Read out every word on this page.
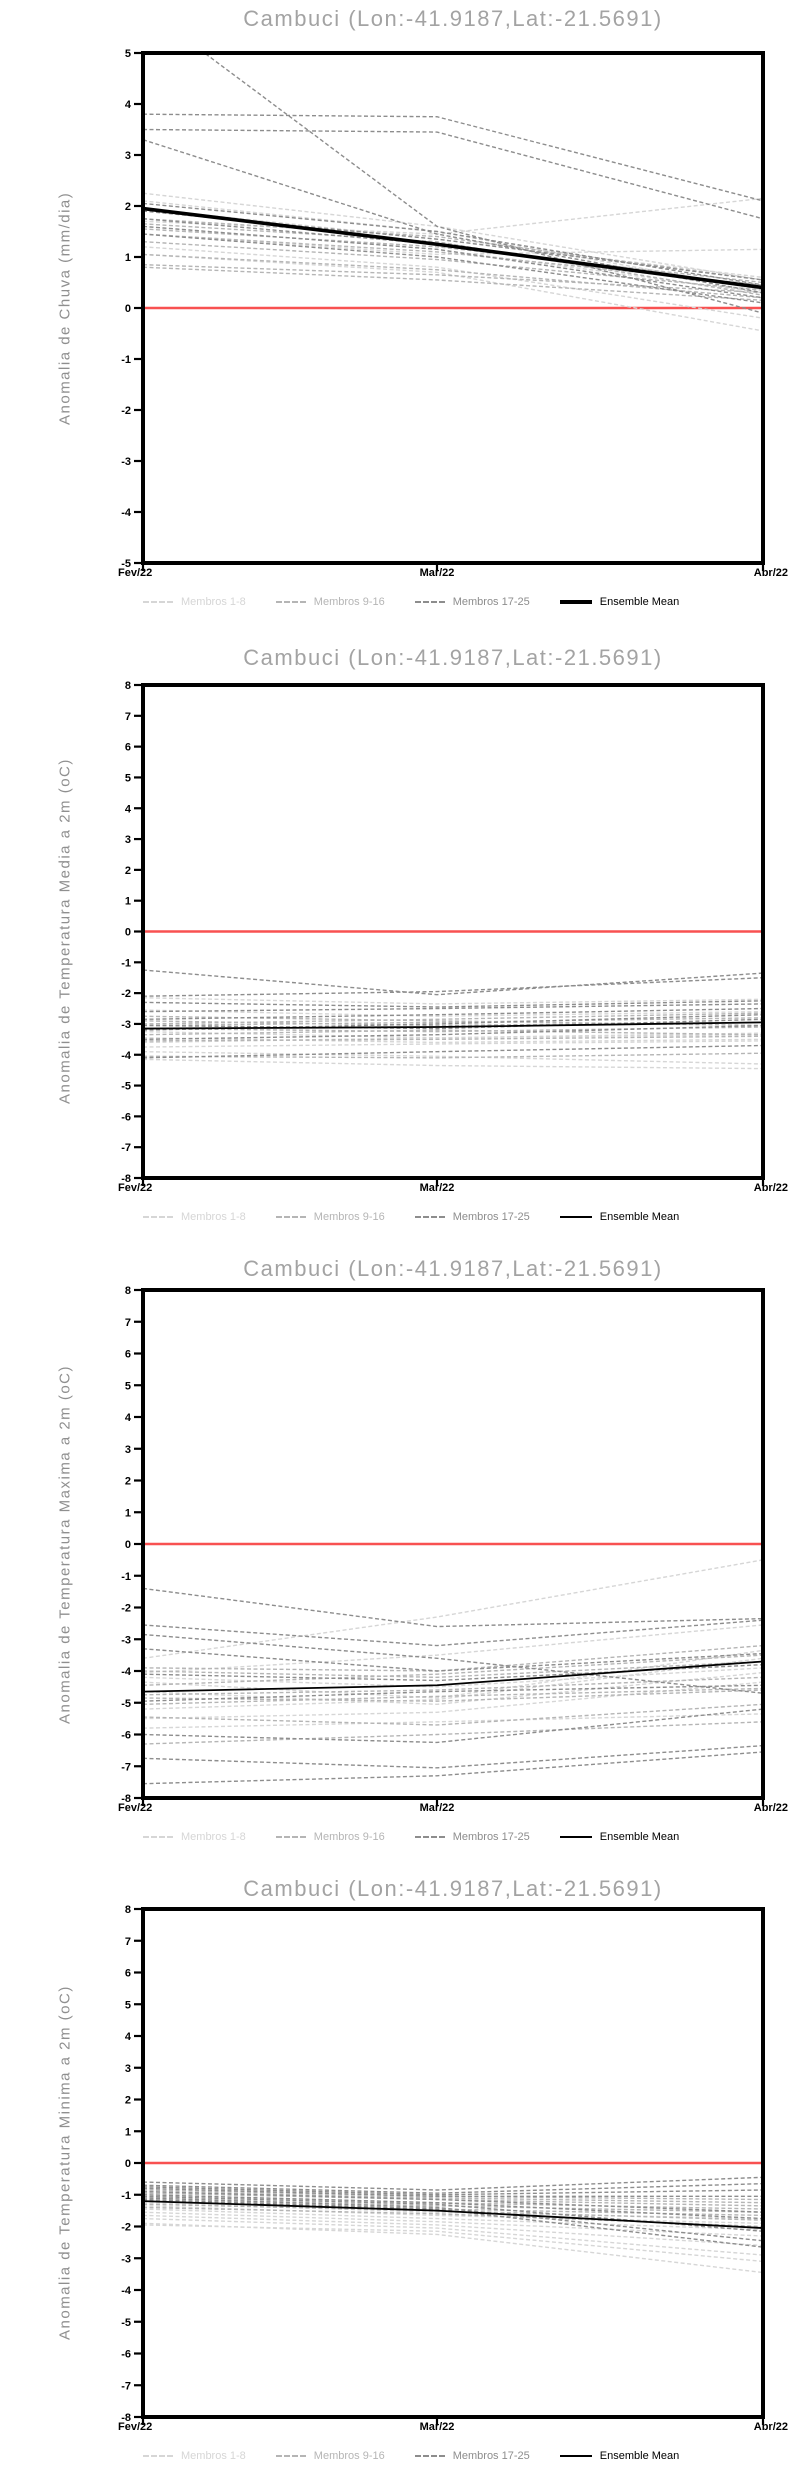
-5
-4
-3
-2
-1
0
1
2
3
4
5
-8
-7
-6
-5
-4
-3
-2
-1
0
1
2
3
4
5
6
7
8
-8
-7
-6
-5
-4
-3
-2
-1
0
1
2
3
4
5
6
7
8
-8
-7
-6
-5
-4
-3
-2
-1
0
1
2
3
4
5
6
7
8
Cambuci (Lon:-41.9187,Lat:-21.5691)
Anomalia de Chuva (mm/dia)
Fev/22	Mar/22	Abr/22
Membros 1-8	Membros 9-16	Membros 17-25	Ensemble Mean
Cambuci (Lon:-41.9187,Lat:-21.5691)
Anomalia de Temperatura Media a 2m (oC)
Fev/22	Mar/22	Abr/22
Membros 1-8	Membros 9-16	Membros 17-25	Ensemble Mean
Cambuci (Lon:-41.9187,Lat:-21.5691)
Anomalia de Temperatura Maxima a 2m (oC)
Fev/22	Mar/22	Abr/22
Membros 1-8	Membros 9-16	Membros 17-25	Ensemble Mean
Cambuci (Lon:-41.9187,Lat:-21.5691)
Anomalia de Temperatura Minima a 2m (oC)
Fev/22	Mar/22	Abr/22
Membros 1-8	Membros 9-16	Membros 17-25	Ensemble Mean
